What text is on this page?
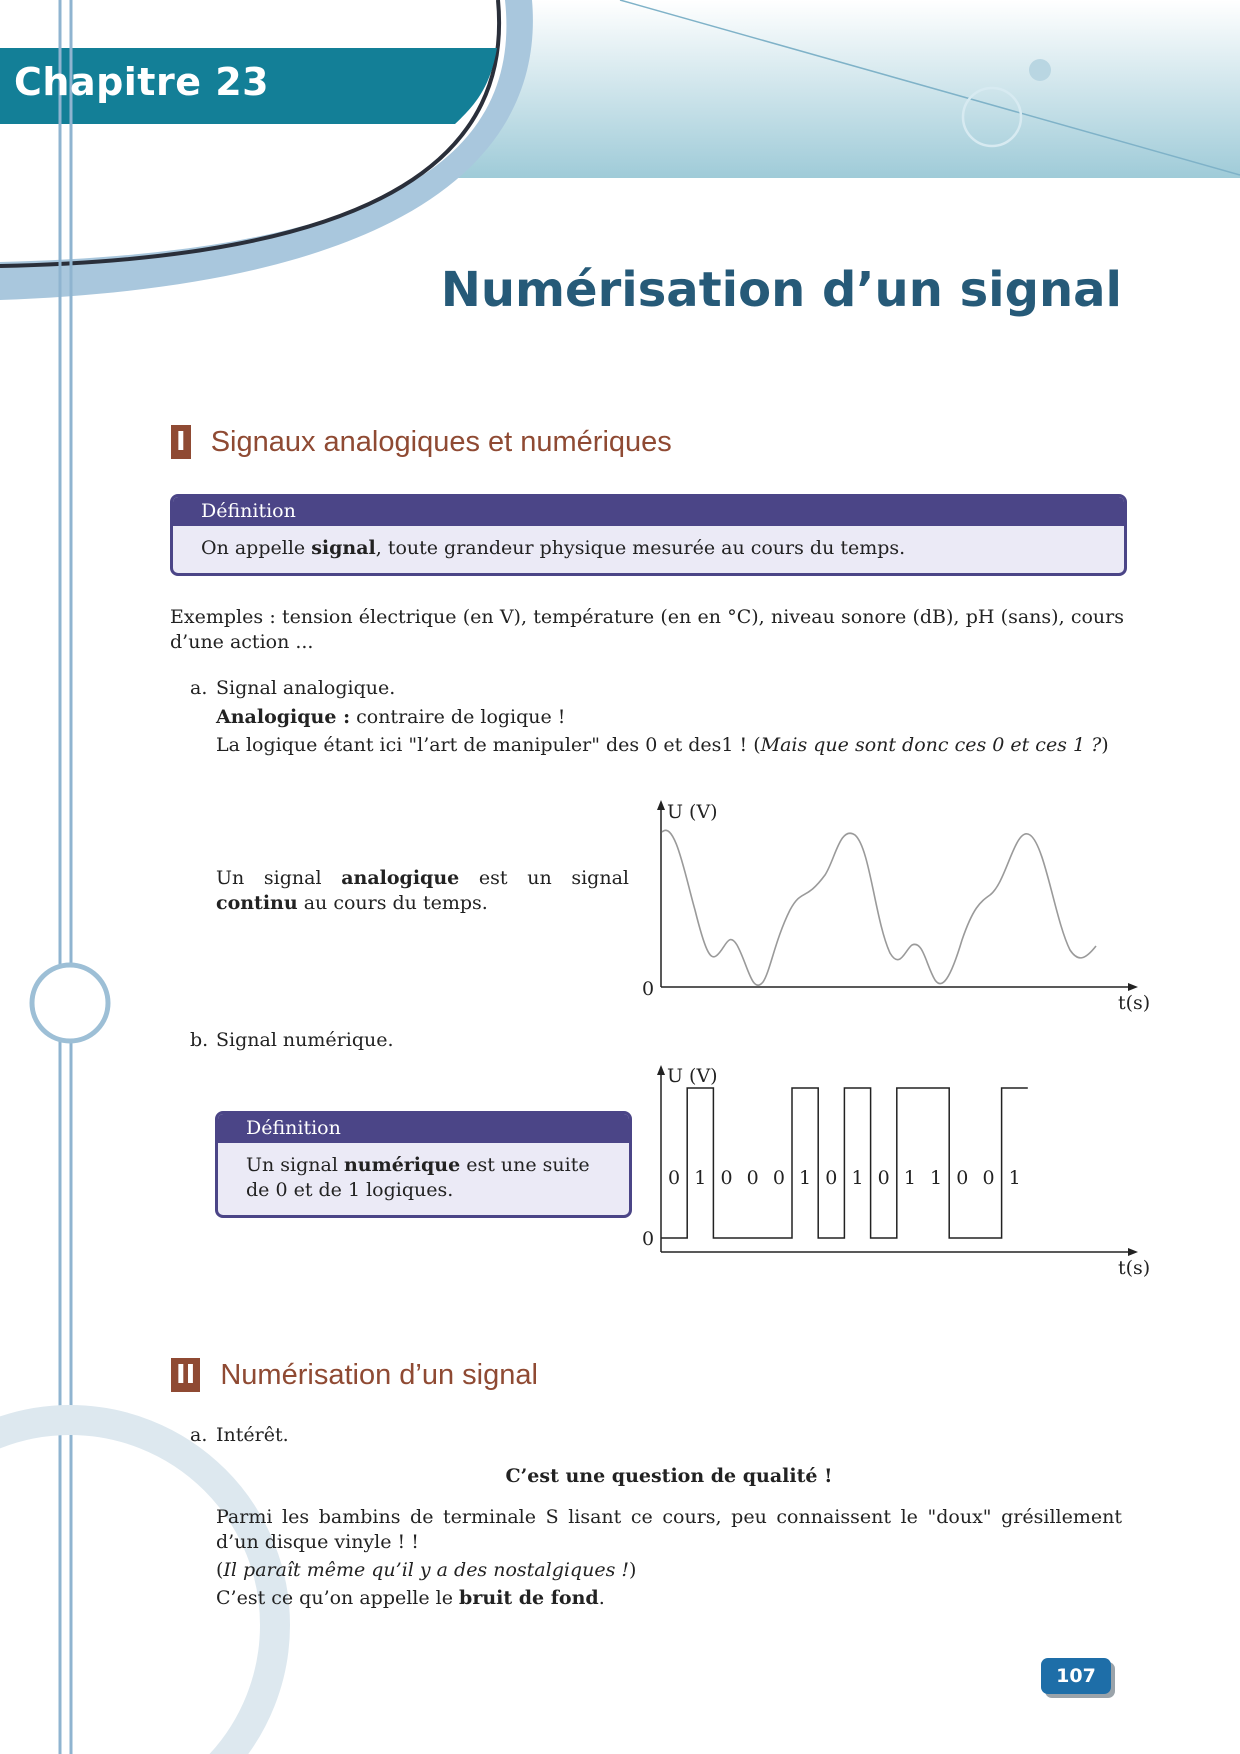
Chapitre 23
Numérisation d’un signal
I Signaux analogiques et numériques
Définition
On appelle signal, toute grandeur physique mesurée au cours du temps.
Exemples : tension électrique (en V), température (en en °C), niveau sonore (dB), pH (sans), cours d’une action ...
a. Signal analogique.
Analogique : contraire de logique !
La logique étant ici "l’art de manipuler" des 0 et des1 ! (Mais que sont donc ces 0 et ces 1 ?)
Un signal analogique est un signal continu au cours du temps.
U (V)
0
t(s)
b. Signal numérique.
Définition
Un signal numérique est une suite de 0 et de 1 logiques.
0 1 0 0 0 1 0 1 0 1 1 0 0 1
U (V)
0
t(s)
II Numérisation d’un signal
a. Intérêt.
C’est une question de qualité !
Parmi les bambins de terminale S lisant ce cours, peu connaissent le "doux" grésillement d’un disque vinyle ! !
(Il paraît même qu’il y a des nostalgiques !)
C’est ce qu’on appelle le bruit de fond.
107
